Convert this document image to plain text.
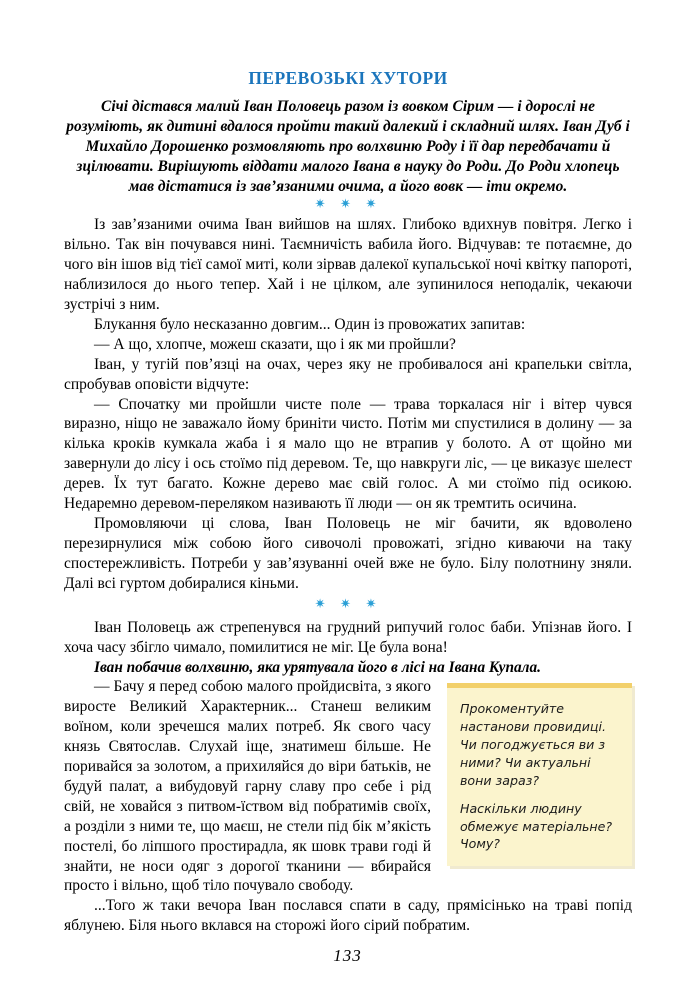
ПЕРЕВОЗЬКІ ХУТОРИ

Січі дістався малий Іван Половець разом із вовком Сірим — і дорослі не розуміють, як дитині вдалося пройти такий далекий і складний шлях. Іван Дуб і Михайло Дорошенко розмовляють про волхвиню Роду і її дар передбачати й зцілювати. Вирішують віддати малого Івана в науку до Роди. До Роди хлопець мав дістатися із зав’язаними очима, а його вовк — іти окремо.

✷ ✷ ✷

Із зав’язаними очима Іван вийшов на шлях. Глибоко вдихнув повітря. Легко і вільно. Так він почувався нині. Таємничість вабила його. Відчував: те потаємне, до чого він ішов від тієї самої миті, коли зірвав далекої купальської ночі квітку папороті, наблизилося до нього тепер. Хай і не цілком, але зупинилося неподалік, чекаючи зустрічі з ним.

Блукання було несказанно довгим... Один із провожатих запитав:

— А що, хлопче, можеш сказати, що і як ми пройшли?

Іван, у тугій пов’язці на очах, через яку не пробивалося ані крапельки світла, спробував оповісти відчуте:

— Спочатку ми пройшли чисте поле — трава торкалася ніг і вітер чувся виразно, ніщо не заважало йому бриніти чисто. Потім ми спустилися в долину — за кілька кроків кумкала жаба і я мало що не втрапив у болото. А от щойно ми завернули до лісу і ось стоїмо під деревом. Те, що навкруги ліс, — це виказує шелест дерев. Їх тут багато. Кожне дерево має свій голос. А ми стоїмо під осикою. Недаремно деревом-переляком називають її люди — он як тремтить осичина.

Промовляючи ці слова, Іван Половець не міг бачити, як вдоволено перезирнулися між собою його сивочолі провожаті, згідно киваючи на таку спостережливість. Потреби у зав’язуванні очей вже не було. Білу полотнину зняли. Далі всі гуртом добиралися кіньми.

✷ ✷ ✷

Іван Половець аж стрепенувся на грудний рипучий голос баби. Упізнав його. І хоча часу збігло чимало, помилитися не міг. Це була вона!

Іван побачив волхвиню, яка урятувала його в лісі на Івана Купала.

Прокоментуйте настанови провидиці. Чи погоджується ви з ними? Чи актуальні вони зараз?

Наскільки людину обмежує матеріальне? Чому?

— Бачу я перед собою малого пройдисвіта, з якого виросте Великий Характерник... Станеш великим воїном, коли зречешся малих потреб. Як свого часу князь Святослав. Слухай іще, знатимеш більше. Не поривайся за золотом, а прихиляйся до віри батьків, не будуй палат, а вибудовуй гарну славу про себе і рід свій, не ховайся з питвом-їством від побратимів своїх, а розділи з ними те, що маєш, не стели під бік м’якість постелі, бо ліпшого простирадла, як шовк трави годі й знайти, не носи одяг з дорогої тканини — вбирайся просто і вільно, щоб тіло почувало свободу.

...Того ж таки вечора Іван послався спати в саду, прямісінько на траві попід яблунею. Біля нього вклався на сторожі його сірий побратим.

133
